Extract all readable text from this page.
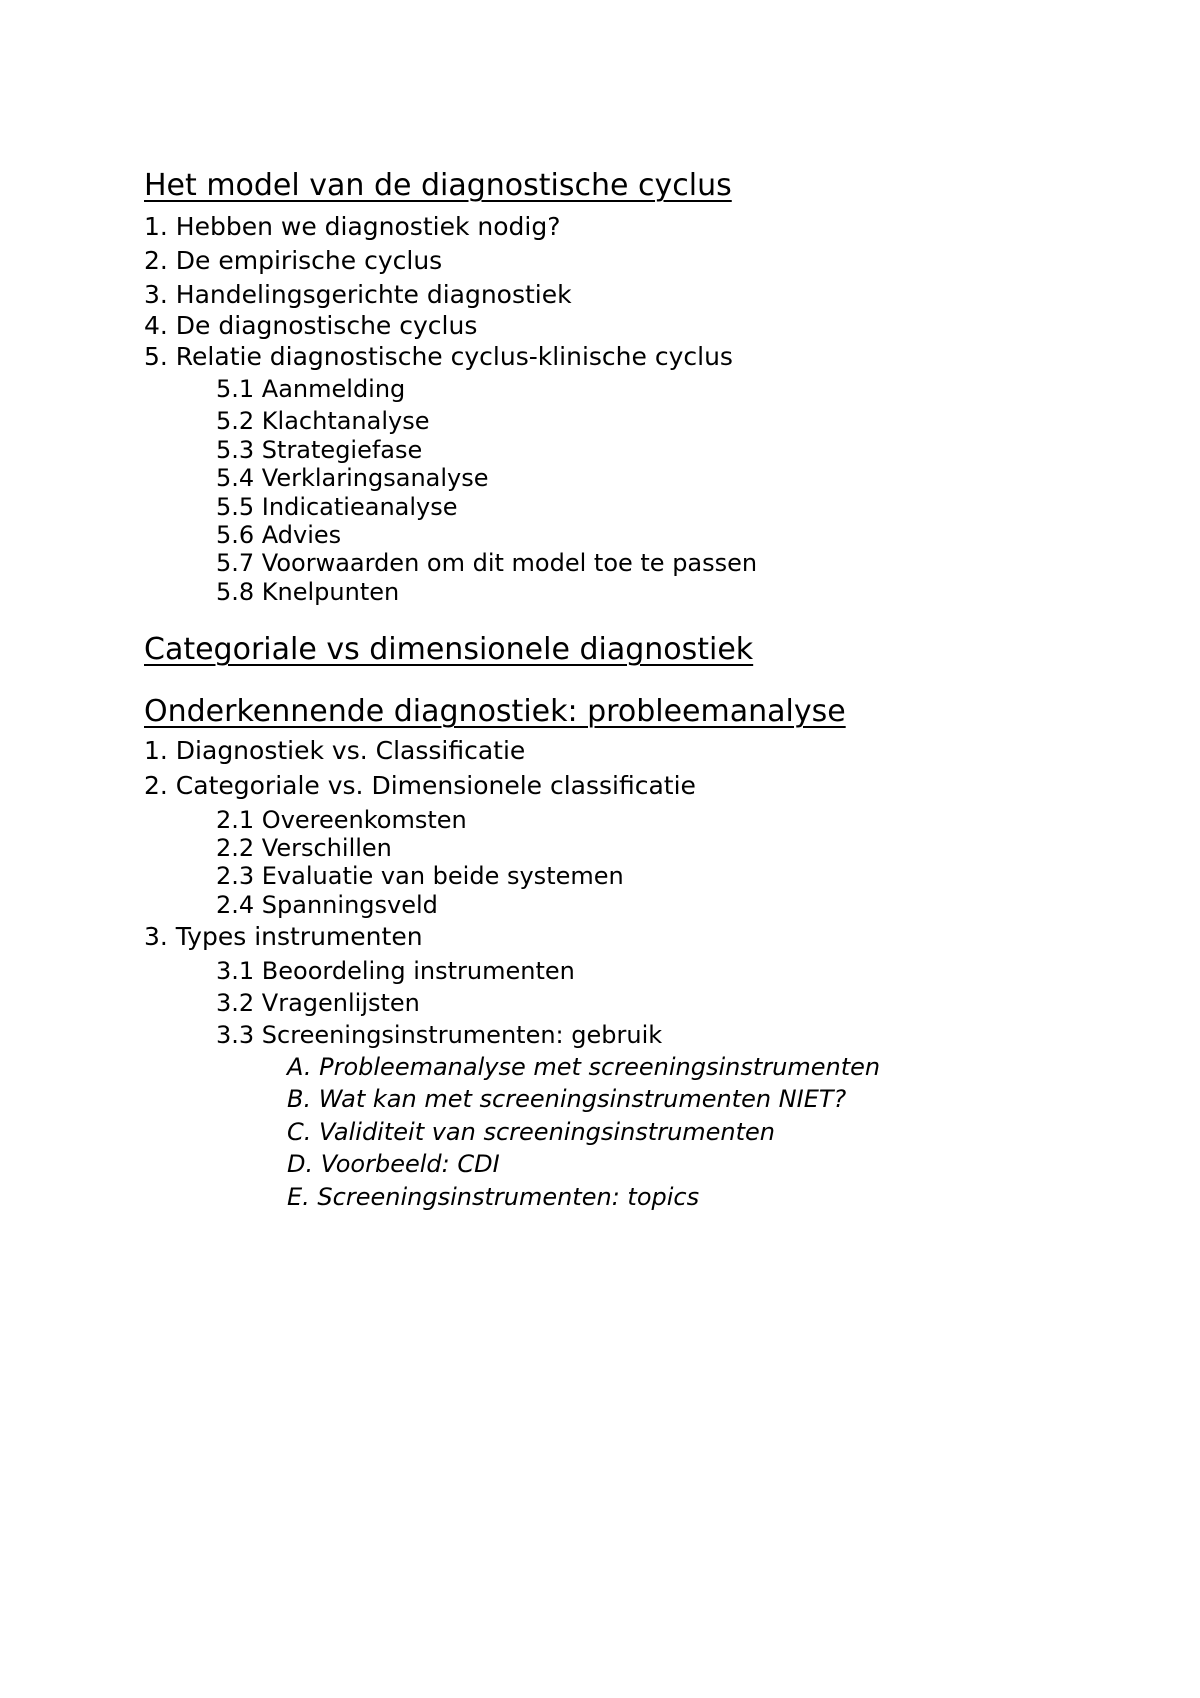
Het model van de diagnostische cyclus
1. Hebben we diagnostiek nodig?
2. De empirische cyclus
3. Handelingsgerichte diagnostiek
4. De diagnostische cyclus
5. Relatie diagnostische cyclus-klinische cyclus
5.1 Aanmelding
5.2 Klachtanalyse
5.3 Strategiefase
5.4 Verklaringsanalyse
5.5 Indicatieanalyse
5.6 Advies
5.7 Voorwaarden om dit model toe te passen
5.8 Knelpunten
Categoriale vs dimensionele diagnostiek
Onderkennende diagnostiek: probleemanalyse
1. Diagnostiek vs. Classificatie
2. Categoriale vs. Dimensionele classificatie
2.1 Overeenkomsten
2.2 Verschillen
2.3 Evaluatie van beide systemen
2.4 Spanningsveld
3. Types instrumenten
3.1 Beoordeling instrumenten
3.2 Vragenlijsten
3.3 Screeningsinstrumenten: gebruik
A. Probleemanalyse met screeningsinstrumenten
B. Wat kan met screeningsinstrumenten NIET?
C. Validiteit van screeningsinstrumenten
D. Voorbeeld: CDI
E. Screeningsinstrumenten: topics
